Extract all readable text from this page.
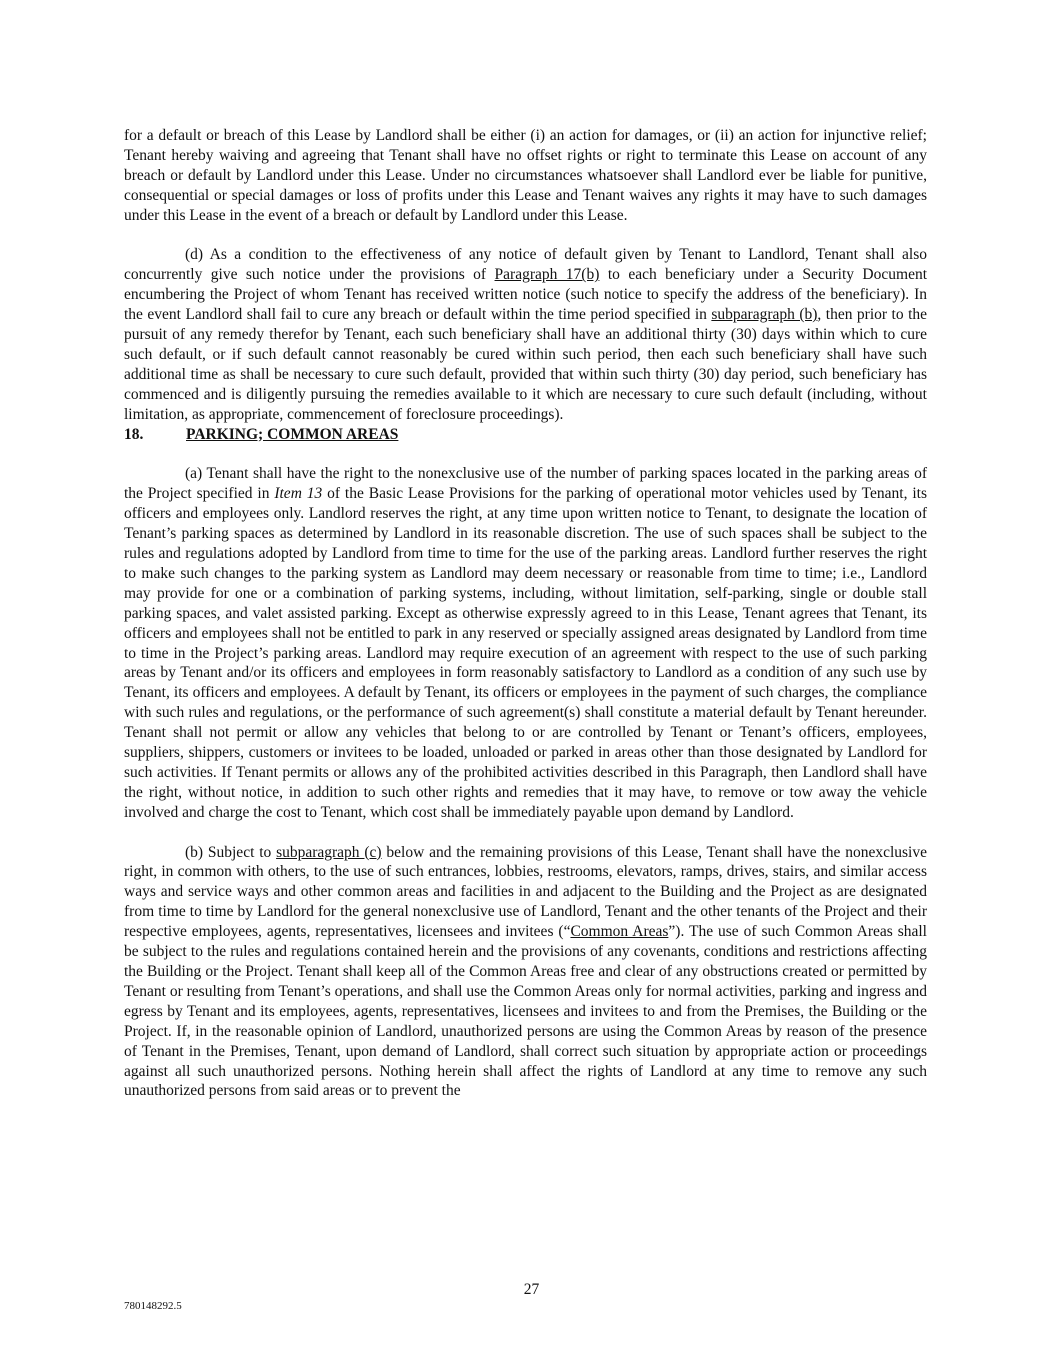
for a default or breach of this Lease by Landlord shall be either (i) an action for damages, or (ii) an action for injunctive relief; Tenant hereby waiving and agreeing that Tenant shall have no offset rights or right to terminate this Lease on account of any breach or default by Landlord under this Lease. Under no circumstances whatsoever shall Landlord ever be liable for punitive, consequential or special damages or loss of profits under this Lease and Tenant waives any rights it may have to such damages under this Lease in the event of a breach or default by Landlord under this Lease.

(d) As a condition to the effectiveness of any notice of default given by Tenant to Landlord, Tenant shall also concurrently give such notice under the provisions of Paragraph 17(b) to each beneficiary under a Security Document encumbering the Project of whom Tenant has received written notice (such notice to specify the address of the beneficiary). In the event Landlord shall fail to cure any breach or default within the time period specified in subparagraph (b), then prior to the pursuit of any remedy therefor by Tenant, each such beneficiary shall have an additional thirty (30) days within which to cure such default, or if such default cannot reasonably be cured within such period, then each such beneficiary shall have such additional time as shall be necessary to cure such default, provided that within such thirty (30) day period, such beneficiary has commenced and is diligently pursuing the remedies available to it which are necessary to cure such default (including, without limitation, as appropriate, commencement of foreclosure proceedings).

18.	PARKING; COMMON AREAS

(a) Tenant shall have the right to the nonexclusive use of the number of parking spaces located in the parking areas of the Project specified in Item 13 of the Basic Lease Provisions for the parking of operational motor vehicles used by Tenant, its officers and employees only. Landlord reserves the right, at any time upon written notice to Tenant, to designate the location of Tenant’s parking spaces as determined by Landlord in its reasonable discretion. The use of such spaces shall be subject to the rules and regulations adopted by Landlord from time to time for the use of the parking areas. Landlord further reserves the right to make such changes to the parking system as Landlord may deem necessary or reasonable from time to time; i.e., Landlord may provide for one or a combination of parking systems, including, without limitation, self-parking, single or double stall parking spaces, and valet assisted parking. Except as otherwise expressly agreed to in this Lease, Tenant agrees that Tenant, its officers and employees shall not be entitled to park in any reserved or specially assigned areas designated by Landlord from time to time in the Project’s parking areas. Landlord may require execution of an agreement with respect to the use of such parking areas by Tenant and/or its officers and employees in form reasonably satisfactory to Landlord as a condition of any such use by Tenant, its officers and employees. A default by Tenant, its officers or employees in the payment of such charges, the compliance with such rules and regulations, or the performance of such agreement(s) shall constitute a material default by Tenant hereunder. Tenant shall not permit or allow any vehicles that belong to or are controlled by Tenant or Tenant’s officers, employees, suppliers, shippers, customers or invitees to be loaded, unloaded or parked in areas other than those designated by Landlord for such activities. If Tenant permits or allows any of the prohibited activities described in this Paragraph, then Landlord shall have the right, without notice, in addition to such other rights and remedies that it may have, to remove or tow away the vehicle involved and charge the cost to Tenant, which cost shall be immediately payable upon demand by Landlord.

(b) Subject to subparagraph (c) below and the remaining provisions of this Lease, Tenant shall have the nonexclusive right, in common with others, to the use of such entrances, lobbies, restrooms, elevators, ramps, drives, stairs, and similar access ways and service ways and other common areas and facilities in and adjacent to the Building and the Project as are designated from time to time by Landlord for the general nonexclusive use of Landlord, Tenant and the other tenants of the Project and their respective employees, agents, representatives, licensees and invitees (“Common Areas”). The use of such Common Areas shall be subject to the rules and regulations contained herein and the provisions of any covenants, conditions and restrictions affecting the Building or the Project. Tenant shall keep all of the Common Areas free and clear of any obstructions created or permitted by Tenant or resulting from Tenant’s operations, and shall use the Common Areas only for normal activities, parking and ingress and egress by Tenant and its employees, agents, representatives, licensees and invitees to and from the Premises, the Building or the Project. If, in the reasonable opinion of Landlord, unauthorized persons are using the Common Areas by reason of the presence of Tenant in the Premises, Tenant, upon demand of Landlord, shall correct such situation by appropriate action or proceedings against all such unauthorized persons. Nothing herein shall affect the rights of Landlord at any time to remove any such unauthorized persons from said areas or to prevent the

27
780148292.5
